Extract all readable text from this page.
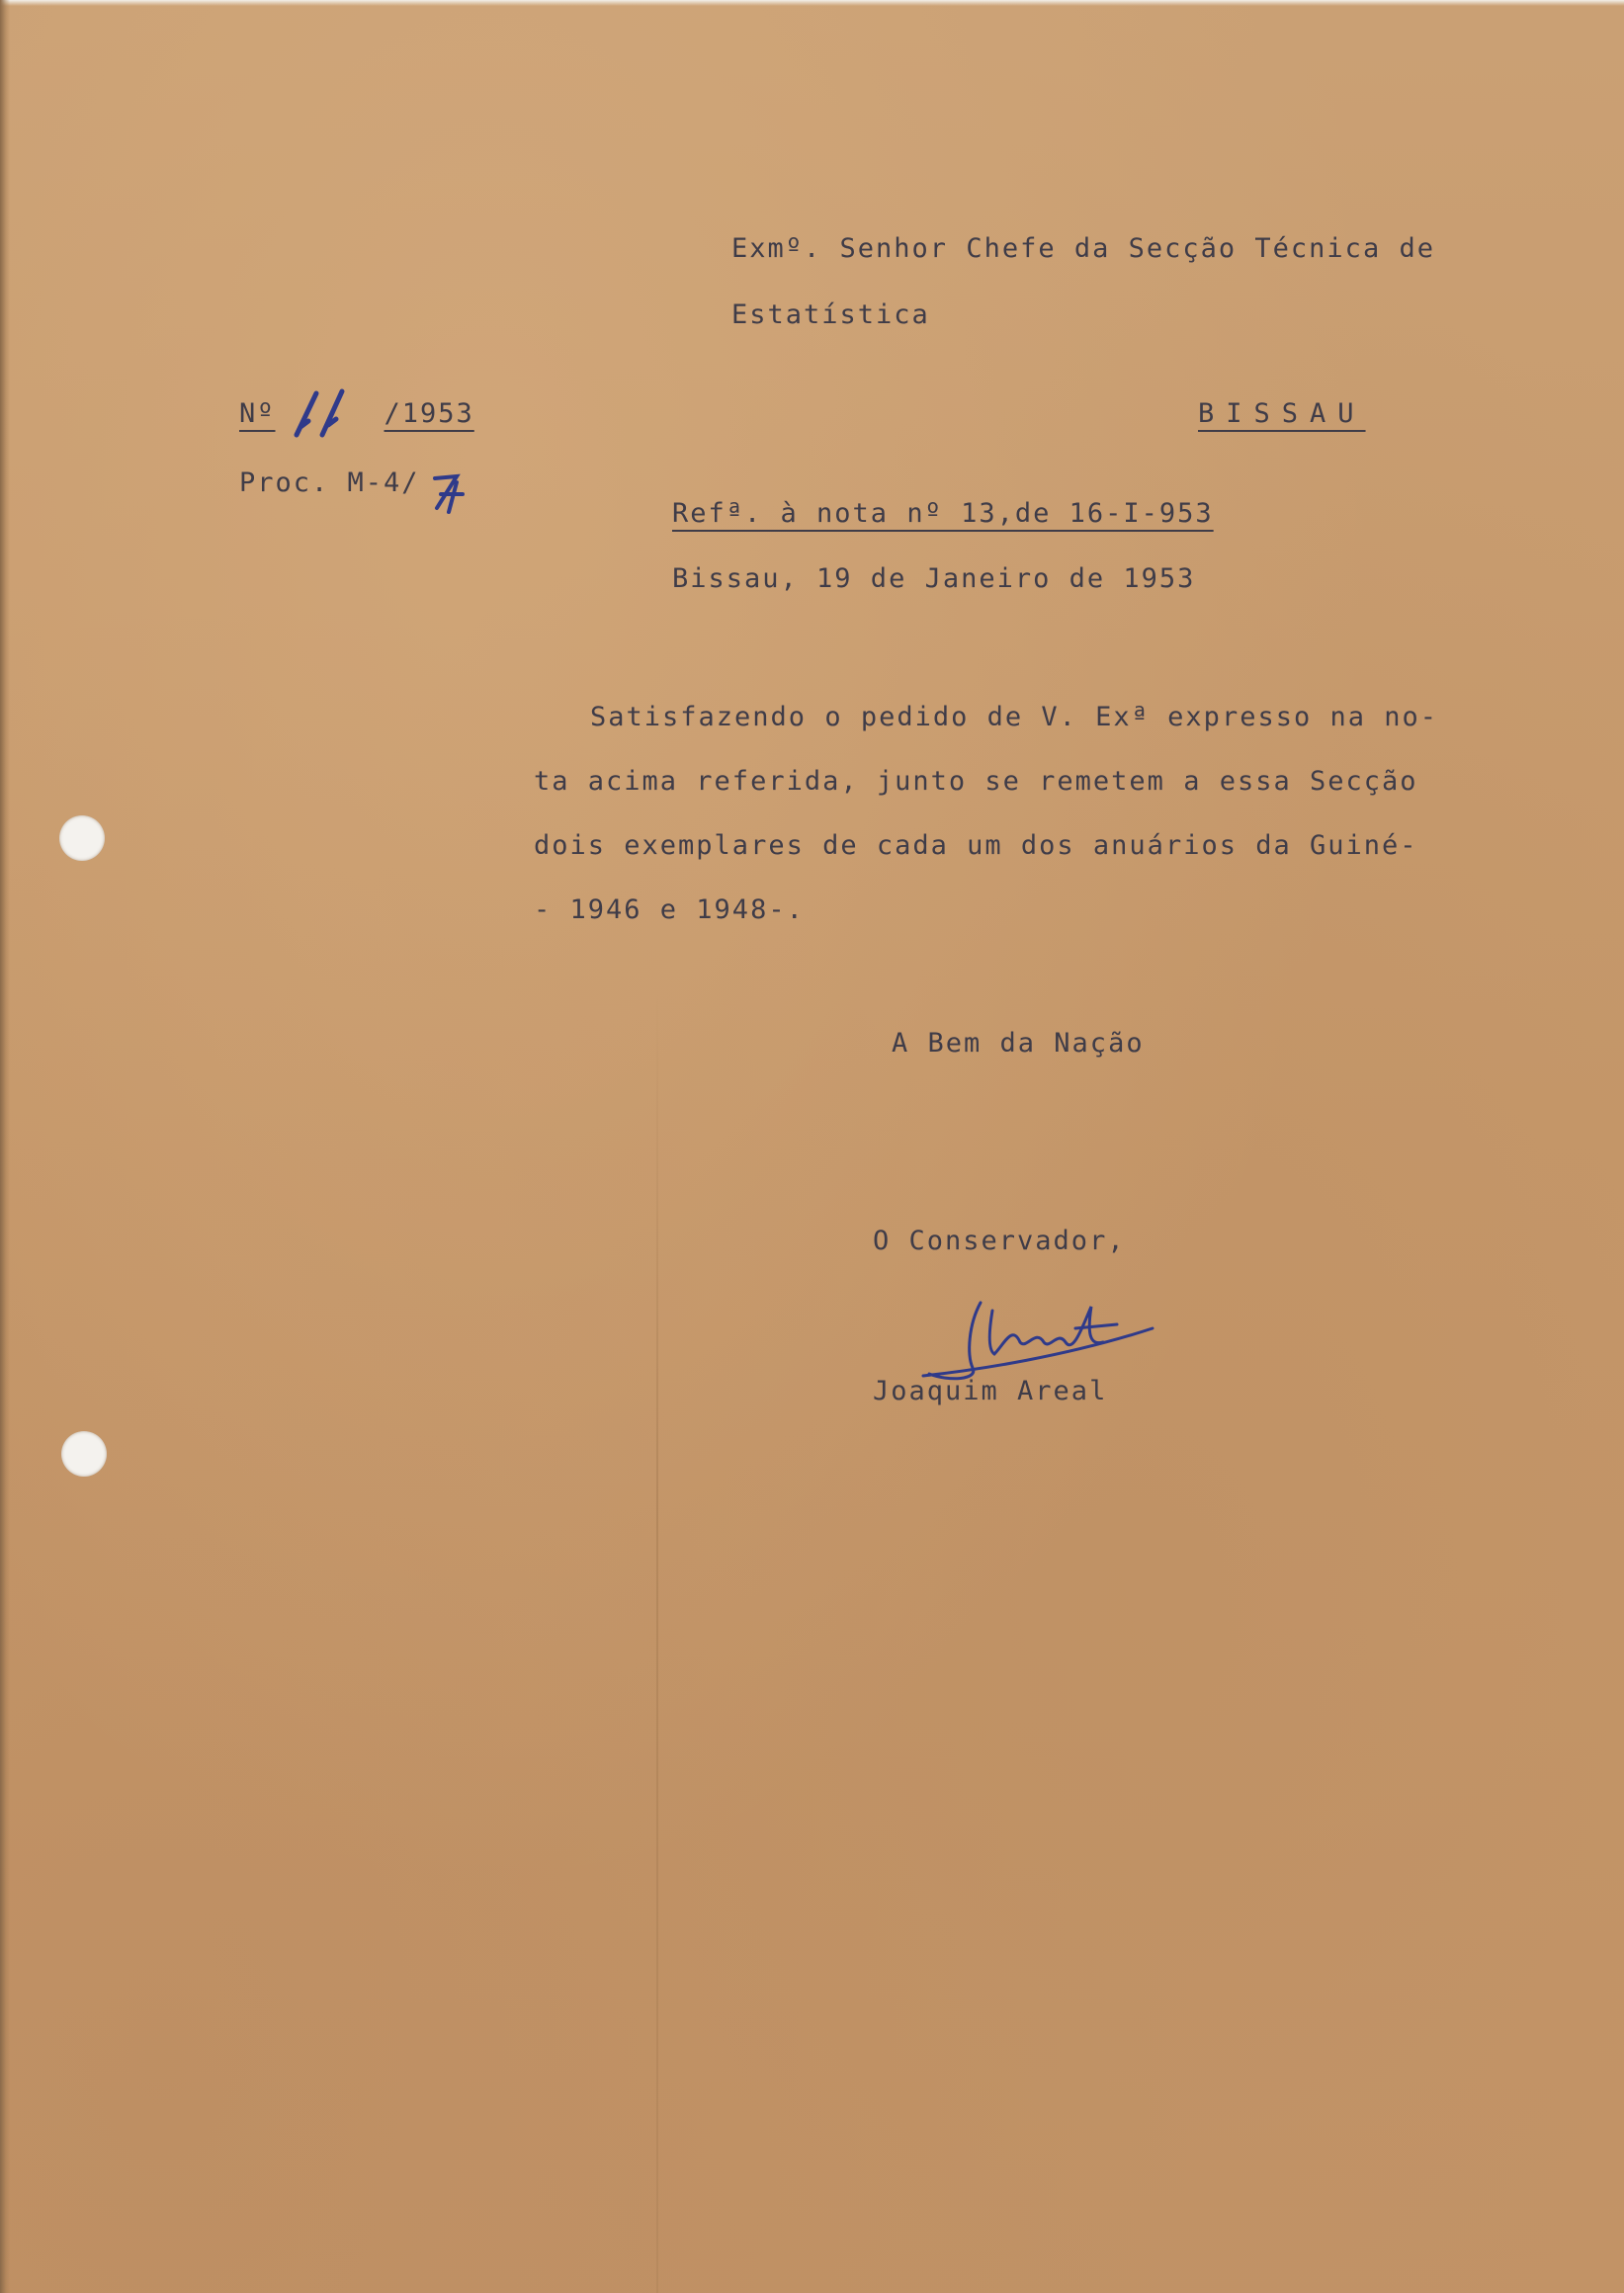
Exmº. Senhor Chefe da Secção Técnica de
Estatística
Nº	/1953
Proc. M-4/
BISSAU
Refª. à nota nº 13,de 16-I-953
Bissau, 19 de Janeiro de 1953
Satisfazendo o pedido de V. Exª expresso na no-
ta acima referida, junto se remetem a essa Secção
dois exemplares de cada um dos anuários da Guiné-
- 1946 e 1948-.
A Bem da Nação
O Conservador,
Joaquim Areal
